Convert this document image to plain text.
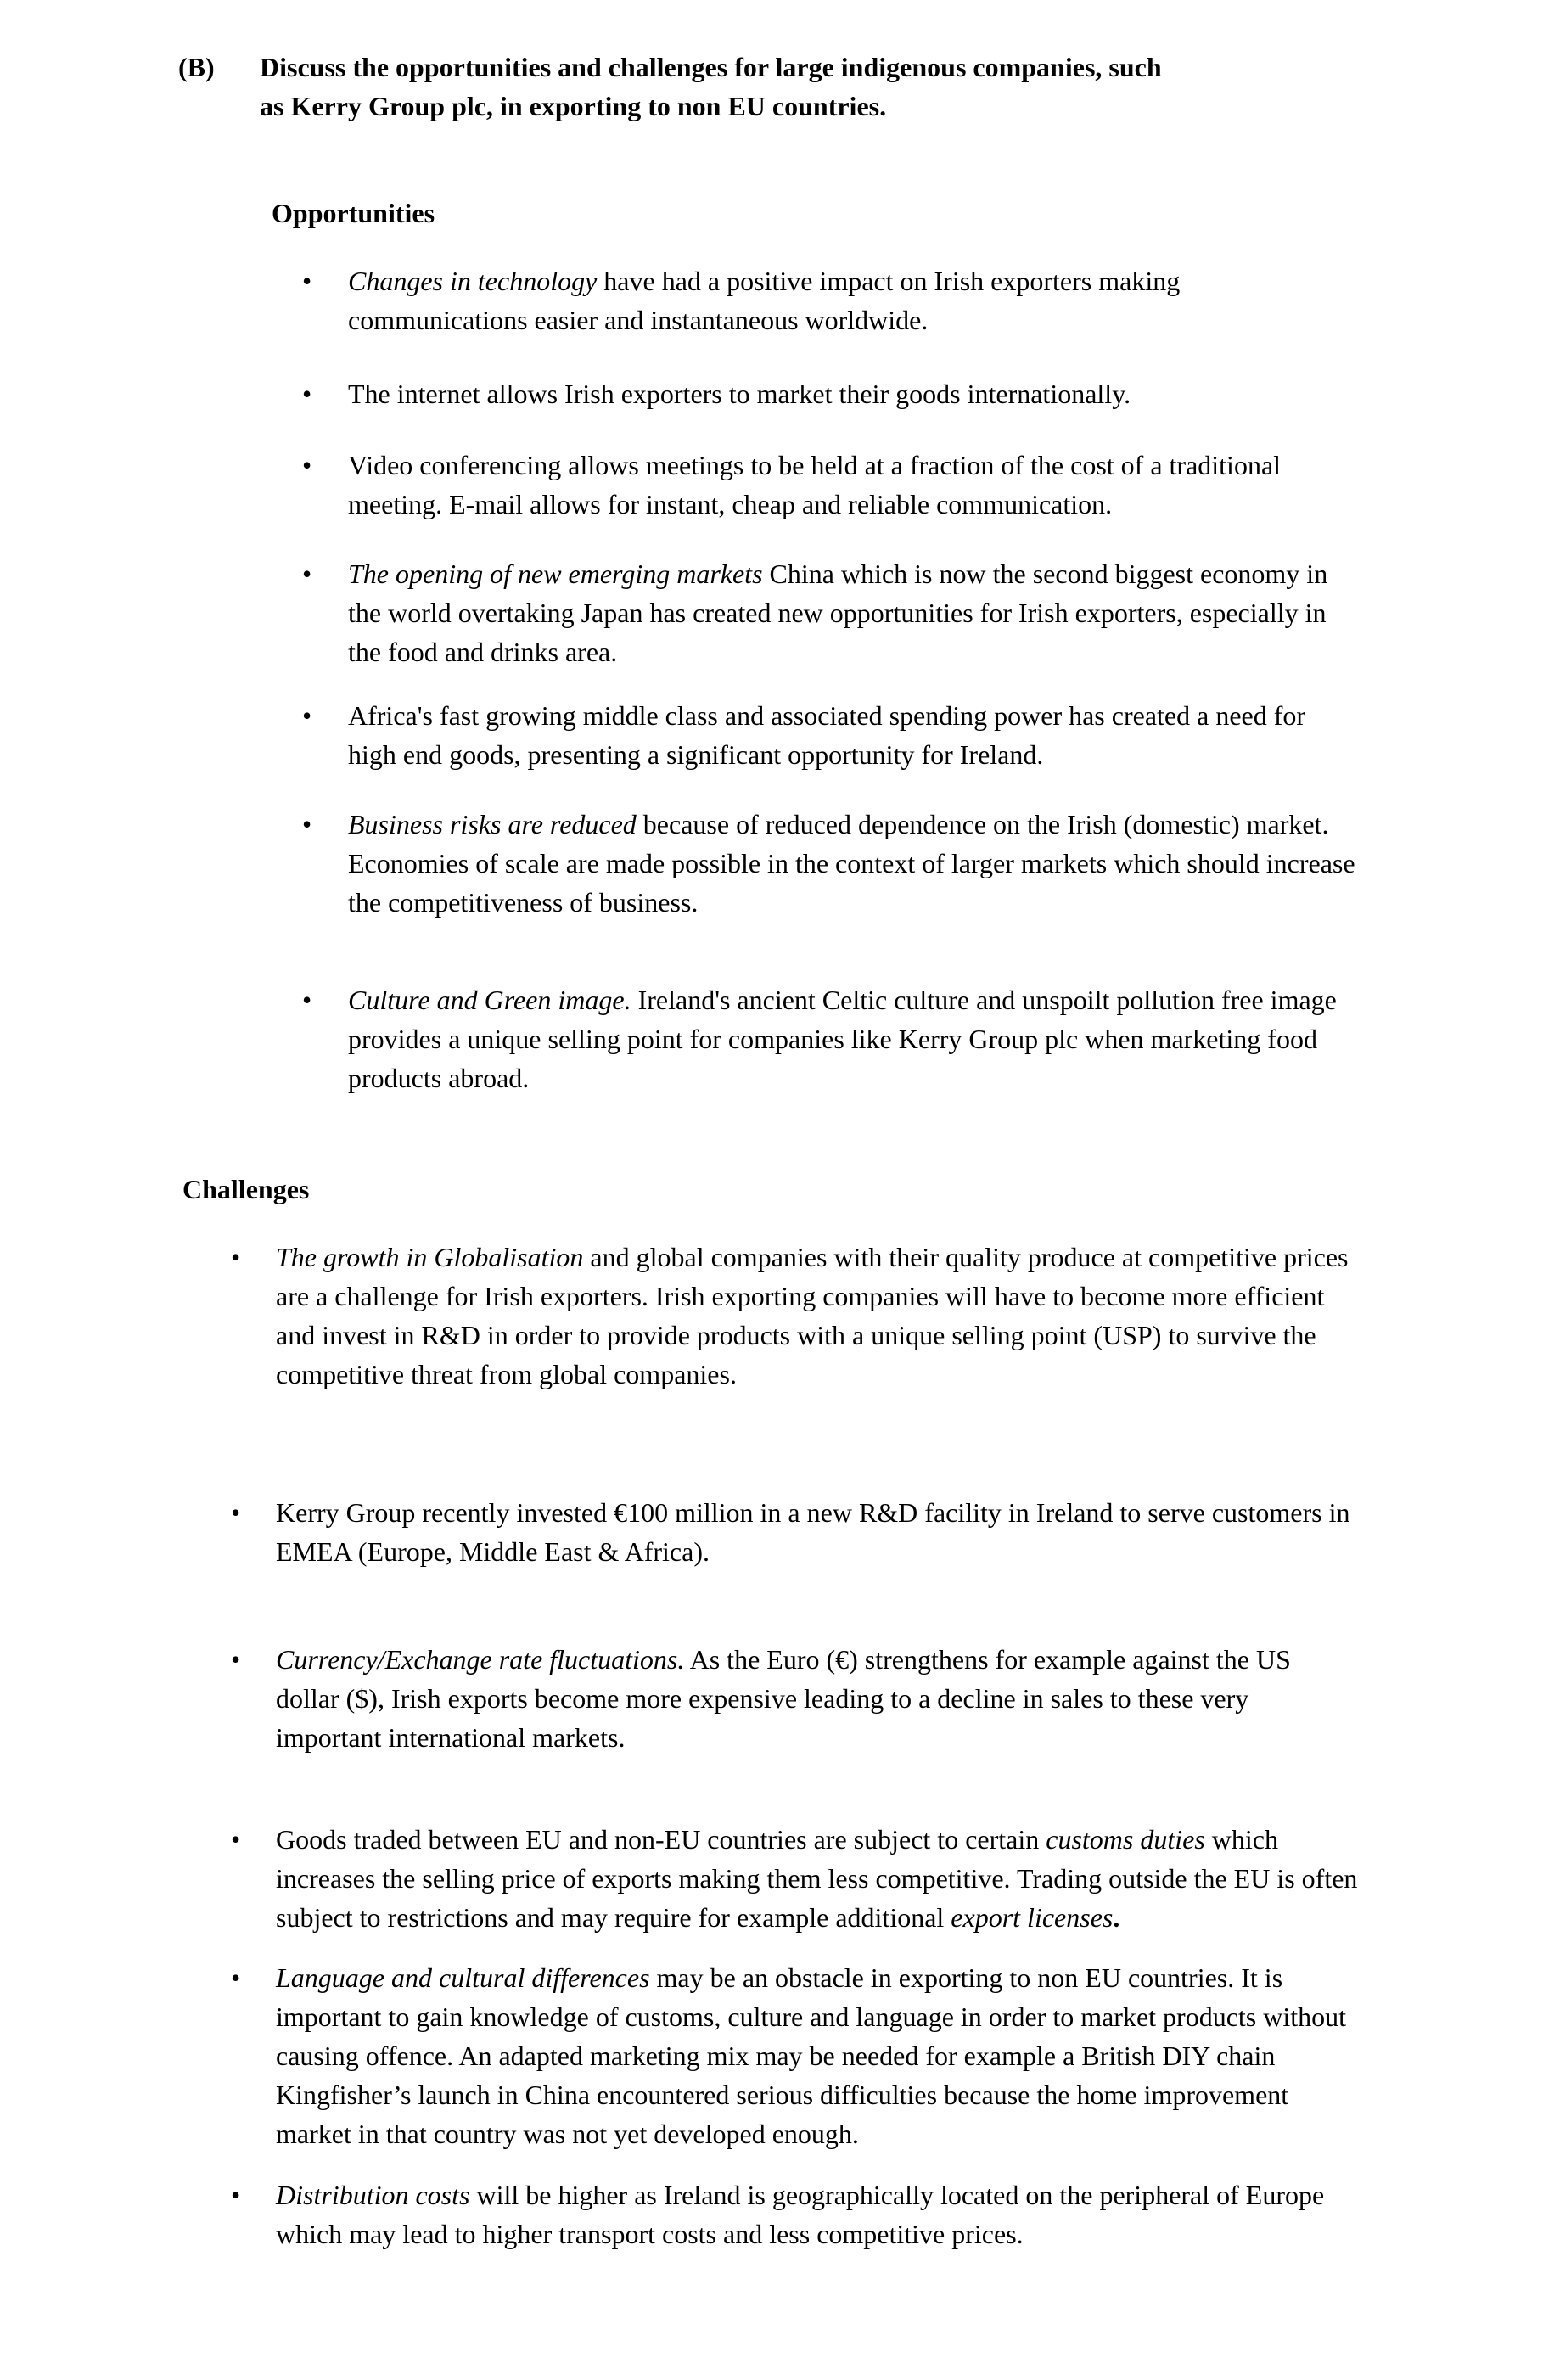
(B)	Discuss the opportunities and challenges for large indigenous companies, such
as Kerry Group plc, in exporting to non EU countries.
Opportunities
• Changes in technology have had a positive impact on Irish exporters making communications easier and instantaneous worldwide.
• The internet allows Irish exporters to market their goods internationally.
• Video conferencing allows meetings to be held at a fraction of the cost of a traditional meeting. E-mail allows for instant, cheap and reliable communication.
• The opening of new emerging markets China which is now the second biggest economy in the world overtaking Japan has created new opportunities for Irish exporters, especially in the food and drinks area.
• Africa's fast growing middle class and associated spending power has created a need for high end goods, presenting a significant opportunity for Ireland.
• Business risks are reduced because of reduced dependence on the Irish (domestic) market. Economies of scale are made possible in the context of larger markets which should increase the competitiveness of business.
• Culture and Green image. Ireland's ancient Celtic culture and unspoilt pollution free image provides a unique selling point for companies like Kerry Group plc when marketing food products abroad.
Challenges
• The growth in Globalisation and global companies with their quality produce at competitive prices are a challenge for Irish exporters. Irish exporting companies will have to become more efficient and invest in R&D in order to provide products with a unique selling point (USP) to survive the competitive threat from global companies.
• Kerry Group recently invested €100 million in a new R&D facility in Ireland to serve customers in EMEA (Europe, Middle East & Africa).
• Currency/Exchange rate fluctuations. As the Euro (€) strengthens for example against the US dollar ($), Irish exports become more expensive leading to a decline in sales to these very important international markets.
• Goods traded between EU and non-EU countries are subject to certain customs duties which increases the selling price of exports making them less competitive. Trading outside the EU is often subject to restrictions and may require for example additional export licenses.
• Language and cultural differences may be an obstacle in exporting to non EU countries. It is important to gain knowledge of customs, culture and language in order to market products without causing offence. An adapted marketing mix may be needed for example a British DIY chain Kingfisher’s launch in China encountered serious difficulties because the home improvement market in that country was not yet developed enough.
• Distribution costs will be higher as Ireland is geographically located on the peripheral of Europe which may lead to higher transport costs and less competitive prices.
